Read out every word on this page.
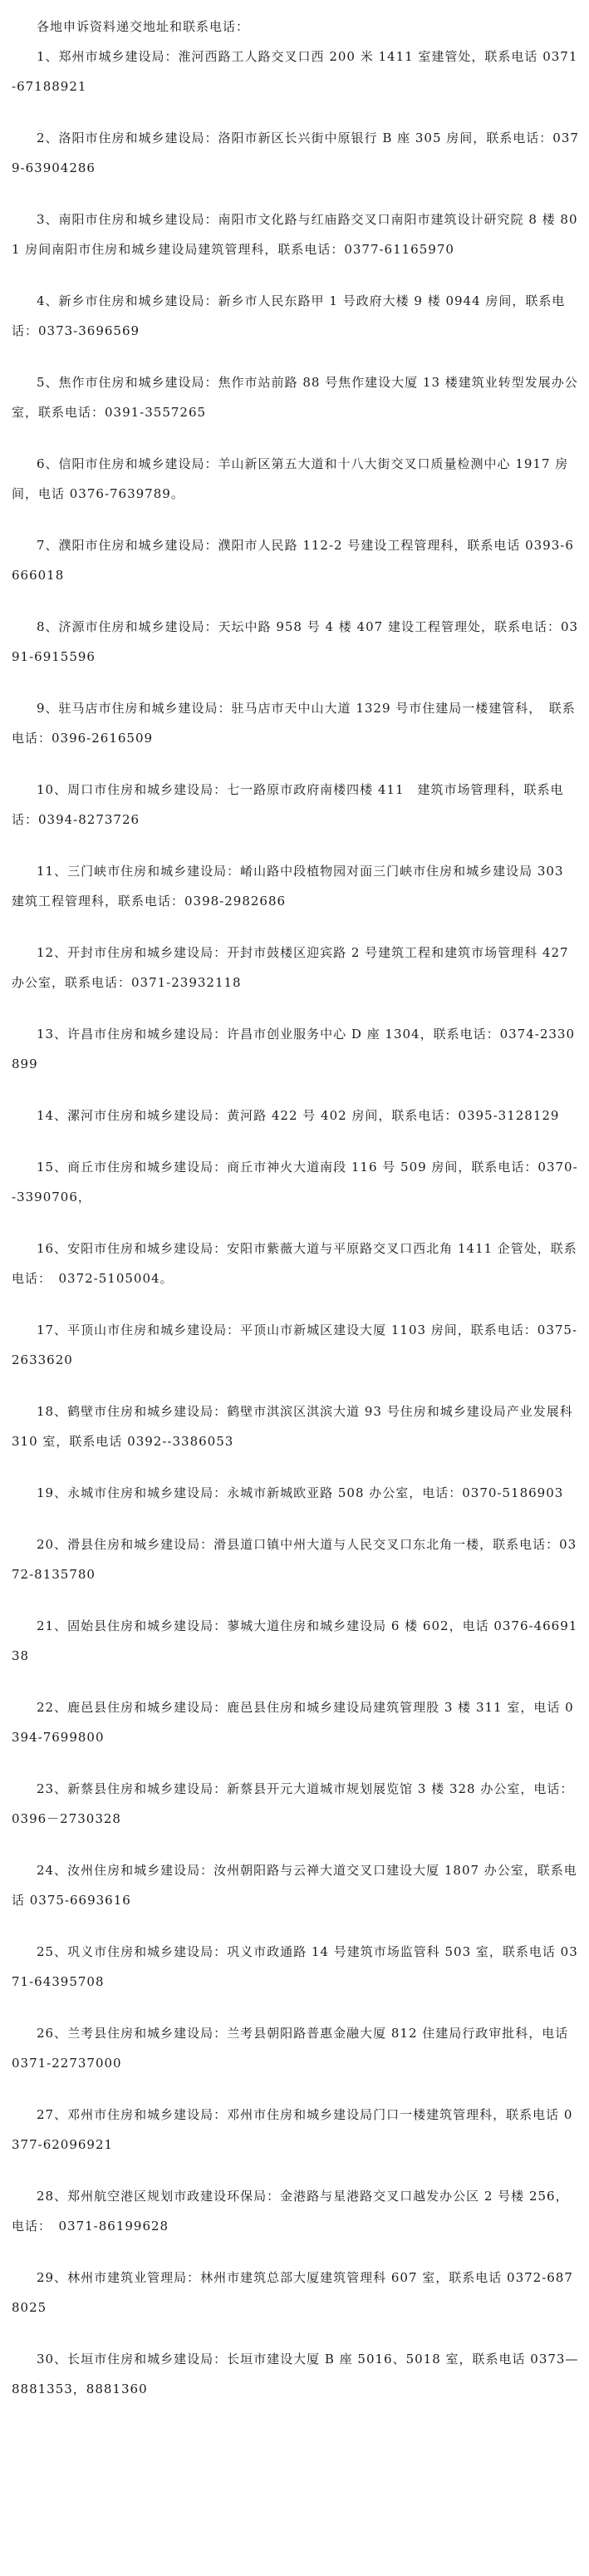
各地申诉资料递交地址和联系电话：

1、郑州市城乡建设局：淮河西路工人路交叉口西 200 米 1411 室建管处，联系电话 0371-67188921

2、洛阳市住房和城乡建设局：洛阳市新区长兴街中原银行 B 座 305 房间，联系电话：0379-63904286

3、南阳市住房和城乡建设局：南阳市文化路与红庙路交叉口南阳市建筑设计研究院 8 楼 801 房间南阳市住房和城乡建设局建筑管理科，联系电话：0377-61165970

4、新乡市住房和城乡建设局：新乡市人民东路甲 1 号政府大楼 9 楼 0944 房间，联系电话：0373-3696569

5、焦作市住房和城乡建设局：焦作市站前路 88 号焦作建设大厦 13 楼建筑业转型发展办公室，联系电话：0391-3557265

6、信阳市住房和城乡建设局：羊山新区第五大道和十八大街交叉口质量检测中心 1917 房间，电话 0376-7639789。

7、濮阳市住房和城乡建设局：濮阳市人民路 112-2 号建设工程管理科，联系电话 0393-6666018

8、济源市住房和城乡建设局：天坛中路 958 号 4 楼 407 建设工程管理处，联系电话：0391-6915596

9、驻马店市住房和城乡建设局：驻马店市天中山大道 1329 号市住建局一楼建管科，　联系电话：0396-2616509

10、周口市住房和城乡建设局：七一路原市政府南楼四楼 411　建筑市场管理科，联系电话：0394-8273726

11、三门峡市住房和城乡建设局：崤山路中段植物园对面三门峡市住房和城乡建设局 303 建筑工程管理科，联系电话：0398-2982686

12、开封市住房和城乡建设局：开封市鼓楼区迎宾路 2 号建筑工程和建筑市场管理科 427 办公室，联系电话：0371-23932118

13、许昌市住房和城乡建设局：许昌市创业服务中心 D 座 1304，联系电话：0374-2330899

14、漯河市住房和城乡建设局：黄河路 422 号 402 房间，联系电话：0395-3128129

15、商丘市住房和城乡建设局：商丘市神火大道南段 116 号 509 房间，联系电话：0370--3390706，

16、安阳市住房和城乡建设局：安阳市紫薇大道与平原路交叉口西北角 1411 企管处，联系电话：　0372-5105004。

17、平顶山市住房和城乡建设局：平顶山市新城区建设大厦 1103 房间，联系电话：0375-2633620

18、鹤壁市住房和城乡建设局：鹤壁市淇滨区淇滨大道 93 号住房和城乡建设局产业发展科 310 室，联系电话 0392--3386053

19、永城市住房和城乡建设局：永城市新城欧亚路 508 办公室，电话：0370-5186903

20、滑县住房和城乡建设局：滑县道口镇中州大道与人民交叉口东北角一楼，联系电话：0372-8135780

21、固始县住房和城乡建设局：蓼城大道住房和城乡建设局 6 楼 602，电话 0376-4669138

22、鹿邑县住房和城乡建设局：鹿邑县住房和城乡建设局建筑管理股 3 楼 311 室，电话 0394-7699800

23、新蔡县住房和城乡建设局：新蔡县开元大道城市规划展览馆 3 楼 328 办公室，电话：0396－2730328

24、汝州住房和城乡建设局：汝州朝阳路与云禅大道交叉口建设大厦 1807 办公室，联系电话 0375-6693616

25、巩义市住房和城乡建设局：巩义市政通路 14 号建筑市场监管科 503 室，联系电话 0371-64395708

26、兰考县住房和城乡建设局：兰考县朝阳路普惠金融大厦 812 住建局行政审批科，电话 0371-22737000

27、邓州市住房和城乡建设局：邓州市住房和城乡建设局门口一楼建筑管理科，联系电话 0377-62096921

28、郑州航空港区规划市政建设环保局：金港路与星港路交叉口越发办公区 2 号楼 256，电话：　0371-86199628

29、林州市建筑业管理局：林州市建筑总部大厦建筑管理科 607 室，联系电话 0372-6878025

30、长垣市住房和城乡建设局：长垣市建设大厦 B 座 5016、5018 室，联系电话 0373—8881353，8881360
